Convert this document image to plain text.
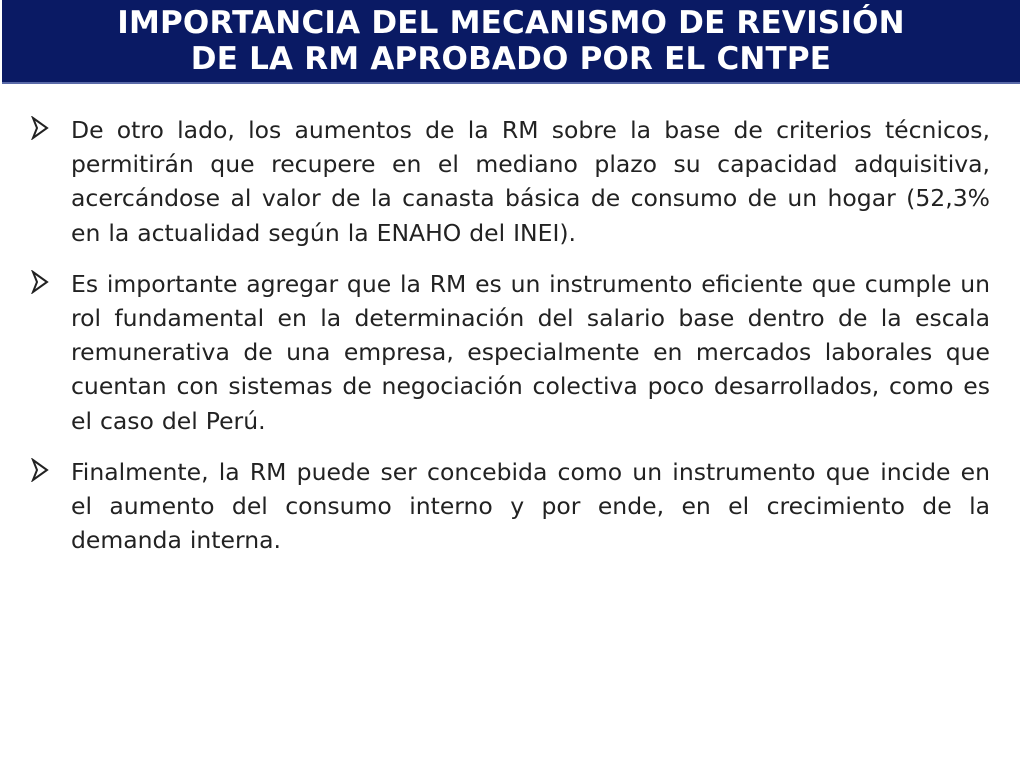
IMPORTANCIA DEL MECANISMO DE REVISIÓN
DE LA RM APROBADO POR EL CNTPE
De otro lado, los aumentos de la RM sobre la base de criterios técnicos, permitirán que recupere en el mediano plazo su capacidad adquisitiva, acercándose al valor de la canasta básica de consumo de un hogar (52,3% en la actualidad según la ENAHO del INEI).
Es importante agregar que la RM es un instrumento eficiente que cumple un rol fundamental en la determinación del salario base dentro de la escala remunerativa de una empresa, especialmente en mercados laborales que cuentan con sistemas de negociación colectiva poco desarrollados, como es el caso del Perú.
Finalmente, la RM puede ser concebida como un instrumento que incide en el aumento del consumo interno y por ende, en el crecimiento de la demanda interna.
